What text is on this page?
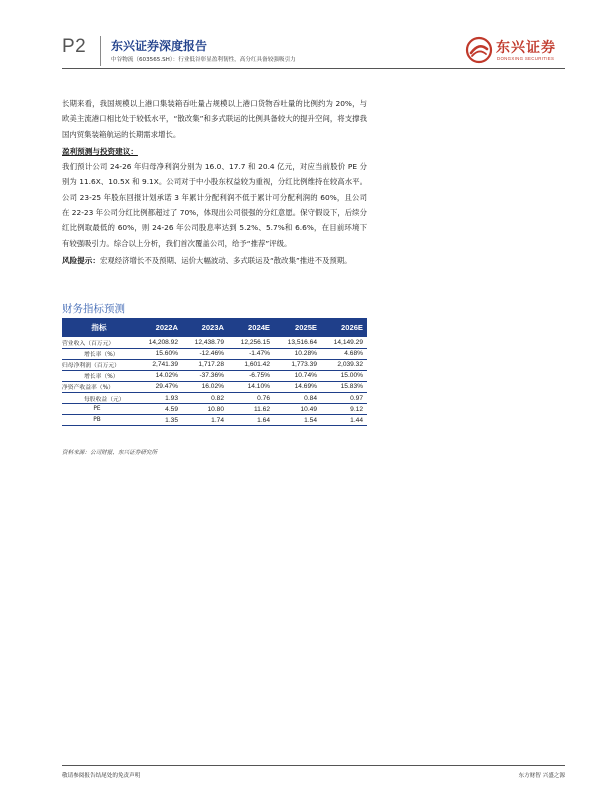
P2 东兴证券深度报告
中谷物流（603565.SH）：行业低谷彰显盈利韧性，高分红具备较强吸引力
东兴证券
DONGXING SECURITIES

长期来看，我国规模以上港口集装箱吞吐量占规模以上港口货物吞吐量的比例约为 20%，与欧美主流港口相比处于较低水平，“散改集”和多式联运的比例具备较大的提升空间，将支撑我国内贸集装箱航运的长期需求增长。

盈利预测与投资建议：

我们预计公司 24-26 年归母净利润分别为 16.0、17.7 和 20.4 亿元，对应当前股价 PE 分别为 11.6X、10.5X 和 9.1X。公司对于中小股东权益较为重视，分红比例维持在较高水平。公司 23-25 年股东回报计划承诺 3 年累计分配利润不低于累计可分配利润的 60%，且公司在 22-23 年公司分红比例都超过了 70%，体现出公司很强的分红意愿。保守假设下，后续分红比例取最低的 60%，则 24-26 年公司股息率达到 5.2%、5.7%和 6.6%，在目前环境下有较强吸引力。综合以上分析，我们首次覆盖公司，给予“推荐”评级。

风险提示：宏观经济增长不及预期、运价大幅波动、多式联运及“散改集”推进不及预期。

财务指标预测
指标	2022A	2023A	2024E	2025E	2026E
营业收入（百万元）	14,208.92	12,438.79	12,256.15	13,516.64	14,149.29
增长率（%）	15.60%	-12.46%	-1.47%	10.28%	4.68%
归母净利润（百万元）	2,741.39	1,717.28	1,601.42	1,773.39	2,039.32
增长率（%）	14.02%	-37.36%	-6.75%	10.74%	15.00%
净资产收益率（%）	29.47%	16.02%	14.10%	14.69%	15.83%
每股收益（元）	1.93	0.82	0.76	0.84	0.97
PE	4.59	10.80	11.62	10.49	9.12
PB	1.35	1.74	1.64	1.54	1.44
资料来源：公司财报、东兴证券研究所
敬请参阅报告结尾处的免责声明	东方财智 兴盛之源
